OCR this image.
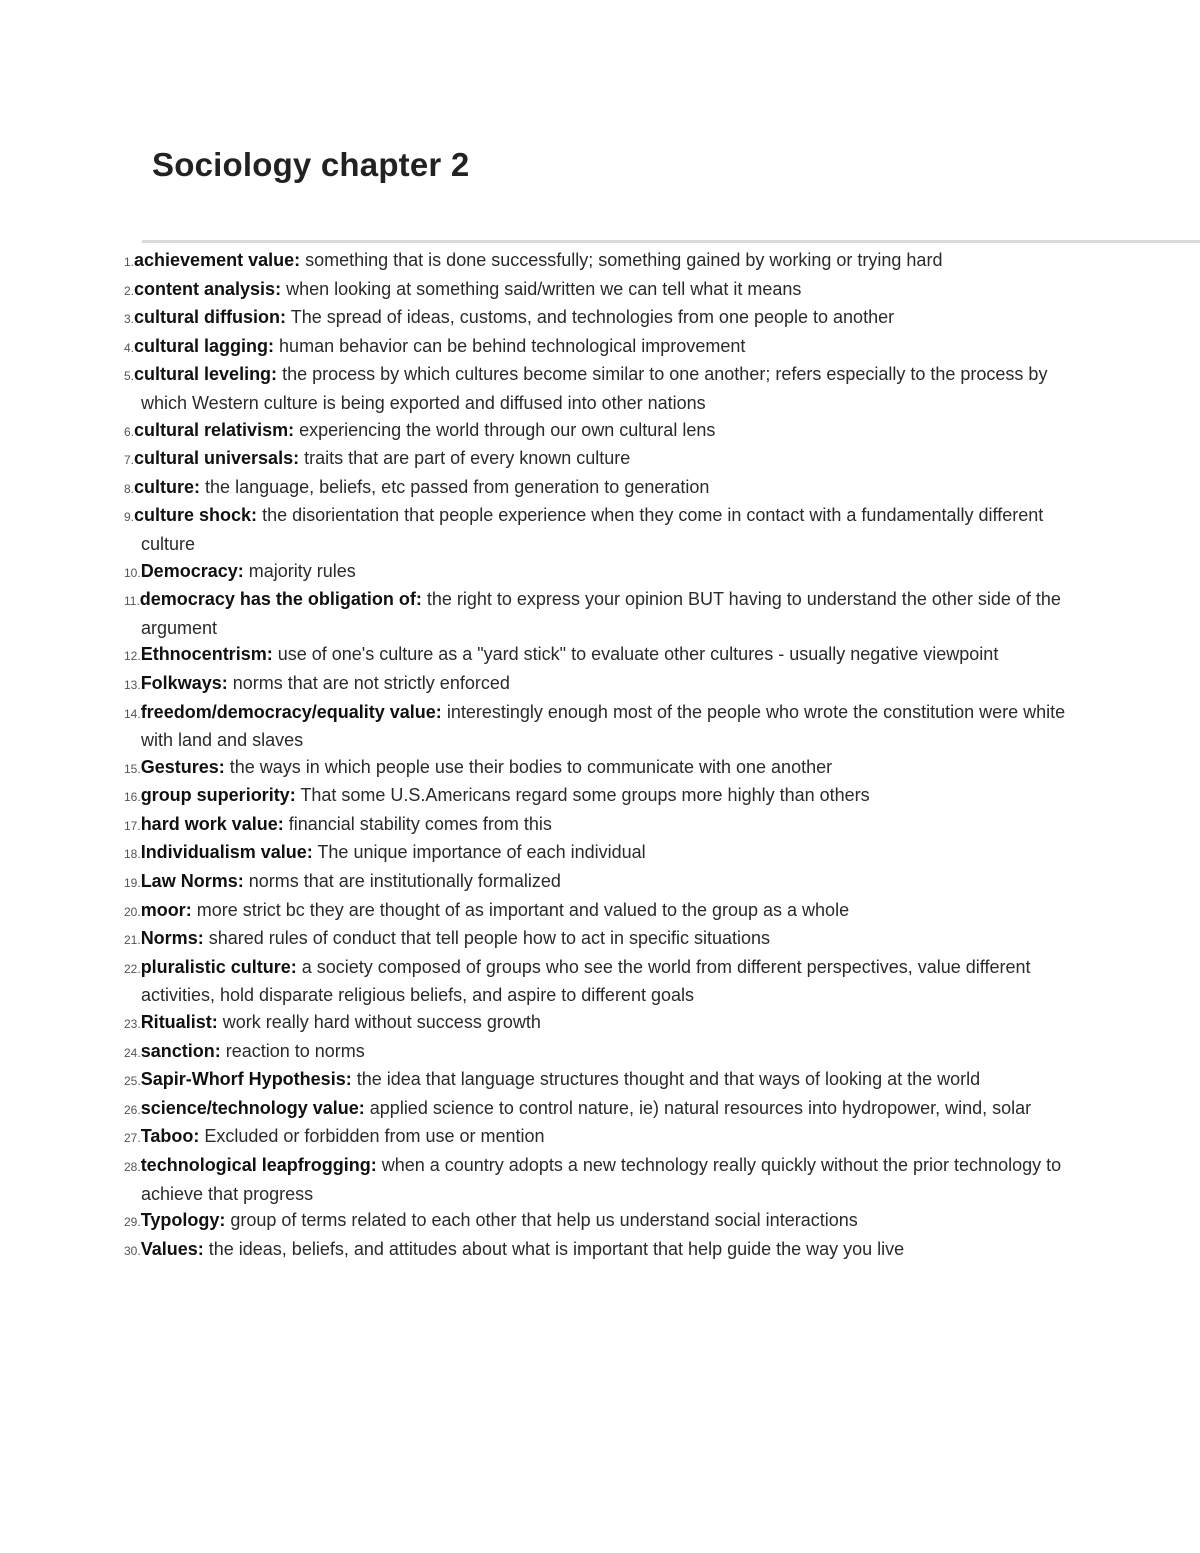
Sociology chapter 2
1.achievement value: something that is done successfully; something gained by working or trying hard
2.content analysis: when looking at something said/written we can tell what it means
3.cultural diffusion: The spread of ideas, customs, and technologies from one people to another
4.cultural lagging: human behavior can be behind technological improvement
5.cultural leveling: the process by which cultures become similar to one another; refers especially to the process by which Western culture is being exported and diffused into other nations
6.cultural relativism: experiencing the world through our own cultural lens
7.cultural universals: traits that are part of every known culture
8.culture: the language, beliefs, etc passed from generation to generation
9.culture shock: the disorientation that people experience when they come in contact with a fundamentally different culture
10.Democracy: majority rules
11.democracy has the obligation of: the right to express your opinion BUT having to understand the other side of the argument
12.Ethnocentrism: use of one's culture as a "yard stick" to evaluate other cultures - usually negative viewpoint
13.Folkways: norms that are not strictly enforced
14.freedom/democracy/equality value: interestingly enough most of the people who wrote the constitution were white with land and slaves
15.Gestures: the ways in which people use their bodies to communicate with one another
16.group superiority: That some U.S.Americans regard some groups more highly than others
17.hard work value: financial stability comes from this
18.Individualism value: The unique importance of each individual
19.Law Norms: norms that are institutionally formalized
20.moor: more strict bc they are thought of as important and valued to the group as a whole
21.Norms: shared rules of conduct that tell people how to act in specific situations
22.pluralistic culture: a society composed of groups who see the world from different perspectives, value different activities, hold disparate religious beliefs, and aspire to different goals
23.Ritualist: work really hard without success growth
24.sanction: reaction to norms
25.Sapir-Whorf Hypothesis: the idea that language structures thought and that ways of looking at the world
26.science/technology value: applied science to control nature, ie) natural resources into hydropower, wind, solar
27.Taboo: Excluded or forbidden from use or mention
28.technological leapfrogging: when a country adopts a new technology really quickly without the prior technology to achieve that progress
29.Typology: group of terms related to each other that help us understand social interactions
30.Values: the ideas, beliefs, and attitudes about what is important that help guide the way you live
